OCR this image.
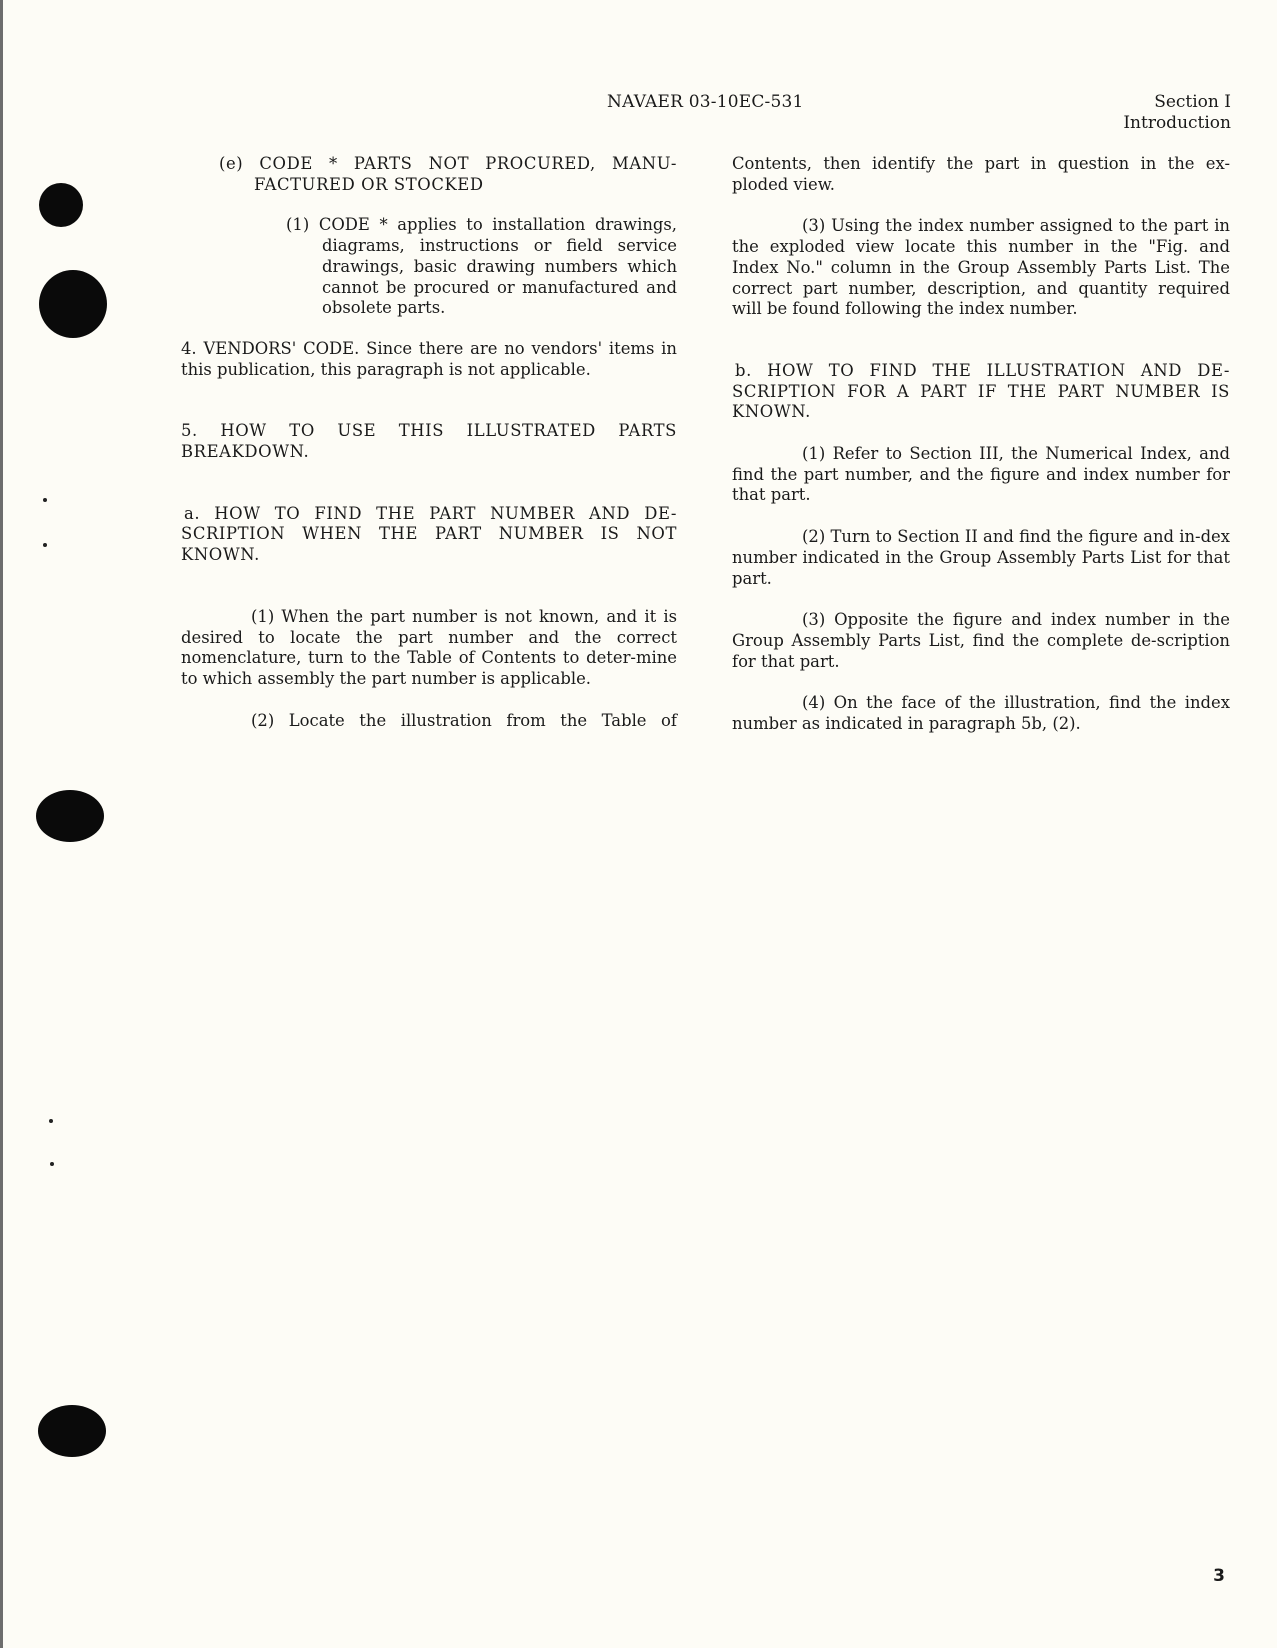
NAVAER 03-10EC-531	Section I
Introduction

(e) CODE * PARTS NOT PROCURED, MANU-FACTURED OR STOCKED

(1) CODE * applies to installation drawings, diagrams, instructions or field service drawings, basic drawing numbers which cannot be procured or manufactured and obsolete parts.

4. VENDORS' CODE. Since there are no vendors' items in this publication, this paragraph is not applicable.

5. HOW TO USE THIS ILLUSTRATED PARTS BREAKDOWN.

a. HOW TO FIND THE PART NUMBER AND DE-SCRIPTION WHEN THE PART NUMBER IS NOT KNOWN.

(1) When the part number is not known, and it is desired to locate the part number and the correct nomenclature, turn to the Table of Contents to deter-mine to which assembly the part number is applicable.

(2) Locate the illustration from the Table of

Contents, then identify the part in question in the ex-ploded view.

(3) Using the index number assigned to the part in the exploded view locate this number in the "Fig. and Index No." column in the Group Assembly Parts List. The correct part number, description, and quantity required will be found following the index number.

b. HOW TO FIND THE ILLUSTRATION AND DE-SCRIPTION FOR A PART IF THE PART NUMBER IS KNOWN.

(1) Refer to Section III, the Numerical Index, and find the part number, and the figure and index number for that part.

(2) Turn to Section II and find the figure and in-dex number indicated in the Group Assembly Parts List for that part.

(3) Opposite the figure and index number in the Group Assembly Parts List, find the complete de-scription for that part.

(4) On the face of the illustration, find the index number as indicated in paragraph 5b, (2).

3
